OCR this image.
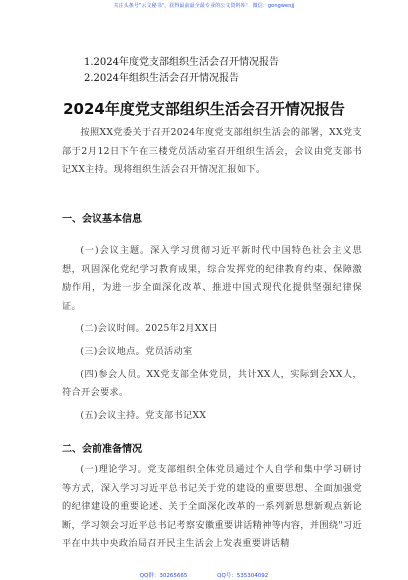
关注头条号"云文秘书"，获得最前最全最专业的公文资料库！ 微信：gongwenjj
1.2024年度党支部组织生活会召开情况报告
2.2024年组织生活会召开情况报告
2024年度党支部组织生活会召开情况报告

按照XX党委关于召开2024年度党支部组织生活会的部署，XX党支部于2月12日下午在三楼党员活动室召开组织生活会，会议由党支部书记XX主持。现将组织生活会召开情况汇报如下。

一、会议基本信息

(一)会议主题。深入学习贯彻习近平新时代中国特色社会主义思想，巩固深化党纪学习教育成果，综合发挥党的纪律教育约束、保障激励作用，为进一步全面深化改革、推进中国式现代化提供坚强纪律保证。

(二)会议时间。2025年2月XX日

(三)会议地点。党员活动室

(四)参会人员。XX党支部全体党员，共计XX人，实际到会XX人，符合开会要求。

(五)会议主持。党支部书记XX

二、会前准备情况

(一)理论学习。党支部组织全体党员通过个人自学和集中学习研讨等方式，深入学习习近平总书记关于党的建设的重要思想、全面加强党的纪律建设的重要论述、关于全面深化改革的一系列新思想新观点新论断，学习领会习近平总书记考察安徽重要讲话精神等内容，并围绕"习近平在中共中央政治局召开民主生活会上发表重要讲话精

QQ群：30265665	QQ号：535304092
